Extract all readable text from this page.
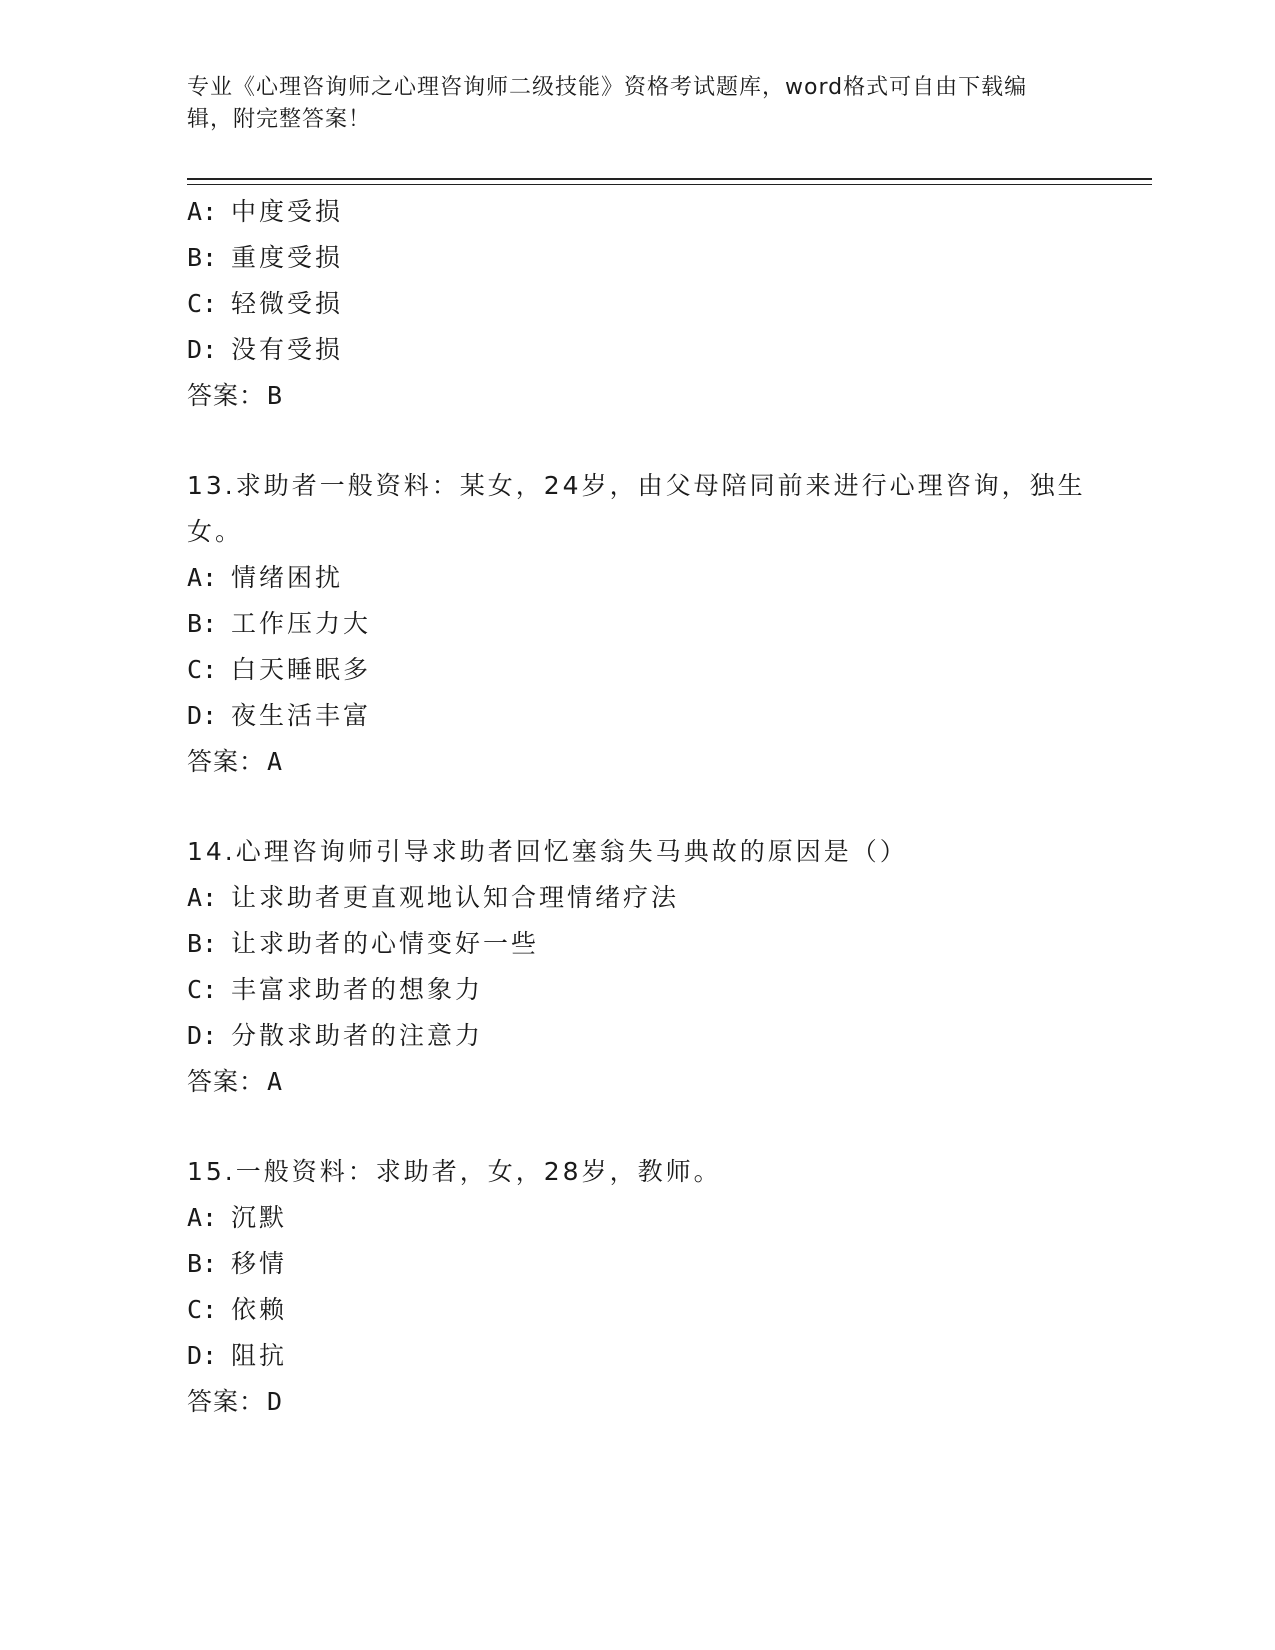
专业《心理咨询师之心理咨询师二级技能》资格考试题库，word格式可自由下载编辑，附完整答案！
A: 中度受损
B: 重度受损
C: 轻微受损
D: 没有受损
答案：B
13.求助者一般资料：某女，24岁，由父母陪同前来进行心理咨询，独生女。
A: 情绪困扰
B: 工作压力大
C: 白天睡眠多
D: 夜生活丰富
答案：A
14.心理咨询师引导求助者回忆塞翁失马典故的原因是（）
A: 让求助者更直观地认知合理情绪疗法
B: 让求助者的心情变好一些
C: 丰富求助者的想象力
D: 分散求助者的注意力
答案：A
15.一般资料：求助者，女，28岁，教师。
A: 沉默
B: 移情
C: 依赖
D: 阻抗
答案：D
